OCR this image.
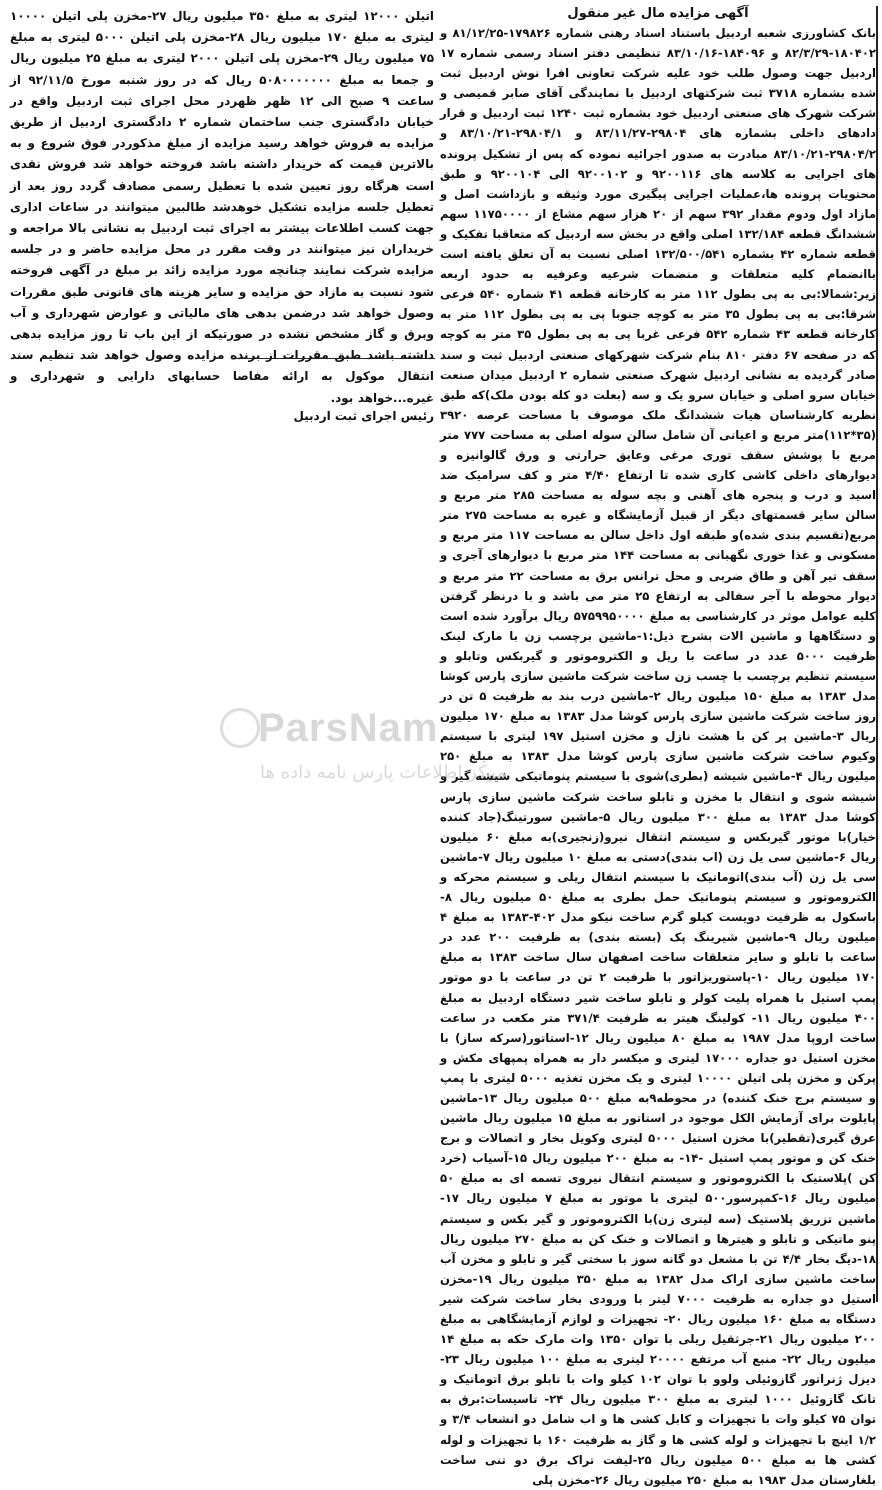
آگهی مزایده مال غیر منقول

بانک کشاورزی شعبه اردبیل باستناد اسناد رهنی شماره ۱۷۹۸۲۶-۸۱/۱۲/۲۵ و ۱۸۰۴۰۲-۸۲/۳/۲۹ و ۱۸۴۰۹۶-۸۳/۱۰/۱۶ تنظیمی دفتر اسناد رسمی شماره ۱۷ اردبیل جهت وصول طلب خود علیه شرکت تعاونی افرا نوش اردبیل ثبت شده بشماره ۳۷۱۸ ثبت شرکتهای اردبیل با نمایندگی آقای صابر قمیصی و شرکت شهرک های صنعتی اردبیل خود بشماره ثبت ۱۲۴۰ ثبت اردبیل و قرار دادهای داخلی بشماره های ۲۹۸۰۴-۸۳/۱۱/۲۷ و ۲۹۸۰۴/۱-۸۳/۱۰/۲۱ و ۲۹۸۰۴/۲-۸۳/۱۰/۲۱ مبادرت به صدور اجرائیه نموده که پس از تشکیل پرونده های اجرایی به کلاسه های ۹۲۰۰۱۱۶ و ۹۲۰۰۱۰۲ الی ۹۲۰۰۱۰۴ و طبق محتویات پرونده ها،عملیات اجرایی پیگیری مورد وثیقه و بازداشت اصل و مازاد اول ودوم مقدار ۳۹۲ سهم از ۲۰ هزار سهم مشاع از ۱۱۷۵۰۰۰۰ سهم ششدانگ قطعه ۱۳۲/۱۸۴ اصلی واقع در بخش سه اردبیل که متعاقبا تفکیک و قطعه شماره ۴۲ بشماره ۱۳۲/۵۰۰/۵۴۱ اصلی نسبت به آن تعلق یافته است باانضمام کلیه متعلقات و منضمات شرعیه وعرفیه به حدود اربعه زیر:شمالا:بی به پی بطول ۱۱۲ متر به کارخانه قطعه ۴۱ شماره ۵۴۰ فرعی شرقا:بی به پی بطول ۳۵ متر به کوچه جنوبا پی به پی بطول ۱۱۲ متر به کارخانه قطعه ۴۳ شماره ۵۴۲ فرعی غربا پی به پی بطول ۳۵ متر به کوچه که در صفحه ۶۷ دفتر ۸۱۰ بنام شرکت شهرکهای صنعتی اردبیل ثبت و سند صادر گردیده به نشانی اردبیل شهرک صنعتی شماره ۲ اردبیل میدان صنعت خیابان سرو اصلی و خیابان سرو یک و سه (بعلت دو کله بودن ملک)که طبق نظریه کارشناسان هیات ششدانگ ملک موصوف با مساحت عرصه ۳۹۲۰ (۳۵*۱۱۲)متر مربع و اعیانی آن شامل سالن سوله اصلی به مساحت ۷۷۷ متر مربع با پوشش سقف توری مرغی وعایق حرارتی و ورق گالوانیزه و دیوارهای داخلی کاشی کاری شده تا ارتفاع ۴/۴۰ متر و کف سرامیک ضد اسید و درب و پنجره های آهنی و بچه سوله به مساحت ۲۸۵ متر مربع و سالن سایر قسمتهای دیگر از قبیل آزمایشگاه و غیره به مساحت ۲۷۵ متر مربع(تقسیم بندی شده)و طبقه اول داخل سالن به مساحت ۱۱۷ متر مربع و مسکونی و غذا خوری نگهبانی به مساحت ۱۴۴ متر مربع با دیوارهای آجری و سقف تیر آهن و طاق ضربی و محل ترانس برق به مساحت ۲۲ متر مربع و دیوار محوطه با آجر سفالی به ارتفاع ۲۵ متر می باشد و با درنظر گرفتن کلیه عوامل موثر در کارشناسی به مبلغ ۵۷۵۹۹۵۰۰۰۰ ریال برآورد شده است و دستگاهها و ماشین الات بشرح ذیل:۱-ماشین برچسب زن با مارک لینک ظرفیت ۵۰۰۰ عدد در ساعت با ریل و الکتروموتور و گیربکس وتابلو و سیستم تنظیم برچسب با چسب زن ساخت شرکت ماشین سازی پارس کوشا مدل ۱۳۸۳ به مبلغ ۱۵۰ میلیون ریال ۲-ماشین درب بند به ظرفیت ۵ تن در روز ساخت شرکت ماشین سازی پارس کوشا مدل ۱۳۸۳ به مبلغ ۱۷۰ میلیون ریال ۳-ماشین پر کن با هشت نازل و مخزن استیل ۱۹۷ لیتری با سیستم وکیوم ساخت شرکت ماشین سازی پارس کوشا مدل ۱۳۸۳ به مبلغ ۲۵۰ میلیون ریال ۴-ماشین شیشه (بطری)شوی با سیستم پنوماتیکی شیشه گیر و شیشه شوی و انتقال با مخزن و تابلو ساخت شرکت ماشین سازی پارس کوشا مدل ۱۳۸۳ به مبلغ ۳۰۰ میلیون ریال ۵-ماشین سورتینگ(جاد کننده خیار)با موتور گیربکس و سیستم انتقال نیرو(زنجیری)به مبلغ ۶۰ میلیون ریال ۶-ماشین سی یل زن (اب بندی)دستی به مبلغ ۱۰ میلیون ریال ۷-ماشین سی یل زن (آب بندی)اتوماتیک با سیستم انتقال ریلی و سیستم محرکه و الکتروموتور و سیستم پنوماتیک حمل بطری به مبلغ ۵۰ میلیون ریال ۸-باسکول به ظرفیت دویست کیلو گرم ساخت نیکو مدل ۴۰۲-۱۳۸۳ به مبلغ ۴ میلیون ریال ۹-ماشین شیرینگ پک (بسته بندی) به ظرفیت ۲۰۰ عدد در ساعت با تابلو و سایر متعلقات ساخت اصفهان سال ساخت ۱۳۸۳ به مبلغ ۱۷۰ میلیون ریال ۱۰-پاستوریزاتور با ظرفیت ۲ تن در ساعت با دو موتور پمپ استیل با همراه پلیت کولر و تابلو ساخت شیر دستگاه اردبیل به مبلغ ۴۰۰ میلیون ریال ۱۱- کولینگ هیتر به ظرفیت ۳۷۱/۴ متر مکعب در ساعت ساخت اروپا مدل ۱۹۸۷ به مبلغ ۸۰ میلیون ریال ۱۲-استاتور(سرکه ساز) با مخزن استیل دو جداره ۱۷۰۰۰ لیتری و میکسر دار به همراه پمپهای مکش و پرکن و مخزن پلی اتیلن ۱۰۰۰۰ لیتری و یک مخزن تغذیه ۵۰۰۰ لیتری با پمپ و سیستم برج خنک کننده) در محوطه۹به مبلغ ۵۰۰ میلیون ریال ۱۳-ماشین پایلوت برای آزمایش الکل موجود در استاتور به مبلغ ۱۵ میلیون ریال ماشین عرق گیری(تقطیر)با مخزن استیل ۵۰۰۰ لیتری وکویل بخار و اتصالات و برج خنک کن و موتور پمپ استیل -۱۴- به مبلغ ۲۰۰ میلیون ریال ۱۵-آسیاب (خرد کن )پلاستیک با الکتروموتور و سیستم انتقال نیروی تسمه ای به مبلغ ۵۰ میلیون ریال ۱۶-کمپرسور۵۰۰ لیتری با موتور به مبلغ ۷ میلیون ریال ۱۷-ماشین تزریق پلاستیک (سه لیتری زن)با الکتروموتور و گیر بکس و سیستم پنو ماتیکی و تابلو و هیترها و اتصالات و خنک کن به مبلغ ۲۷۰ میلیون ریال ۱۸-دیگ بخار ۴/۴ تن با مشعل دو گانه سوز با سختی گیر و تابلو و مخزن آب ساخت ماشین سازی اراک مدل ۱۳۸۲ به مبلغ ۳۵۰ میلیون ریال ۱۹-مخزن استیل دو جداره به ظرفیت ۷۰۰۰ لیتر با ورودی بخار ساخت شرکت شیر دستگاه به مبلغ ۱۶۰ میلیون ریال ۲۰- تجهیزات و لوازم آزمایشگاهی به مبلغ ۲۰۰ میلیون ریال ۲۱-جرثقیل ریلی با توان ۱۳۵۰ وات مارک حکه به مبلغ ۱۴ میلیون ریال ۲۲- منبع آب مرتفع ۲۰۰۰۰ لیتری به مبلغ ۱۰۰ میلیون ریال ۲۳- دیزل ژنراتور گازوئیلی ولوو با توان ۱۰۲ کیلو وات با تابلو برق اتوماتیک و تانک گازوئیل ۱۰۰۰ لیتری به مبلغ ۳۰۰ میلیون ریال ۲۴- تاسیسات:برق به توان ۷۵ کیلو وات با تجهیزات و کابل کشی ها و اب شامل دو انشعاب ۳/۴ و ۱/۲ اینچ با تجهیزات و لوله کشی ها و گاز به ظرفیت ۱۶۰ با تجهیزات و لوله کشی ها به مبلغ ۵۰۰ میلیون ریال ۲۵-لیفت تراک برق دو تنی ساخت بلغارستان مدل ۱۹۸۳ به مبلغ ۲۵۰ میلیون ریال ۲۶-مخزن پلی

اتیلن ۱۲۰۰۰ لیتری به مبلغ ۳۵۰ میلیون ریال ۲۷-مخزن پلی اتیلن ۱۰۰۰۰ لیتری به مبلغ ۱۷۰ میلیون ریال ۲۸-مخزن پلی اتیلن ۵۰۰۰ لیتری به مبلغ ۷۵ میلیون ریال ۲۹-مخزن پلی اتیلن ۲۰۰۰ لیتری به مبلغ ۲۵ میلیون ریال و جمعا به مبلغ ۵۰۸۰۰۰۰۰۰۰ ریال که در روز شنبه مورخ ۹۲/۱۱/۵ از ساعت ۹ صبح الی ۱۲ ظهر ظهردر محل اجرای ثبت اردبیل واقع در خیابان دادگستری جنب ساختمان شماره ۲ دادگستری اردبیل از طریق مزایده به فروش خواهد رسید مزایده از مبلغ مذکوردر فوق شروع و به بالاترین قیمت که خریدار داشته باشد فروخته خواهد شد فروش نقدی است هرگاه روز تعیین شده با تعطیل رسمی مصادف گردد روز بعد از تعطیل جلسه مزایده تشکیل خوهدشد طالبین میتوانند در ساعات اداری جهت کسب اطلاعات بیشتر به اجرای ثبت اردبیل به نشانی بالا مراجعه و خریداران نیز میتوانند در وقت مقرر در محل مزایده حاضر و در جلسه مزایده شرکت نمایند چنانچه مورد مزایده زائد بر مبلغ در آگهی فروخته شود نسبت به مازاد حق مزایده و سایر هزینه های قانونی طبق مقررات وصول خواهد شد درضمن بدهی های مالیاتی و عوارض شهرداری و آب وبرق و گاز مشخص نشده در صورتیکه از این باب تا روز مزایده بدهی داشته باشد طبق مقررات از برنده مزایده وصول خواهد شد تنظیم سند انتقال موکول به ارائه مفاصا حسابهای دارایی و شهرداری و غیره...خواهد بود.

رئیس اجرای ثبت اردبیل

ParsNam
مرکز اطلاعات پارس نامه داده ها
